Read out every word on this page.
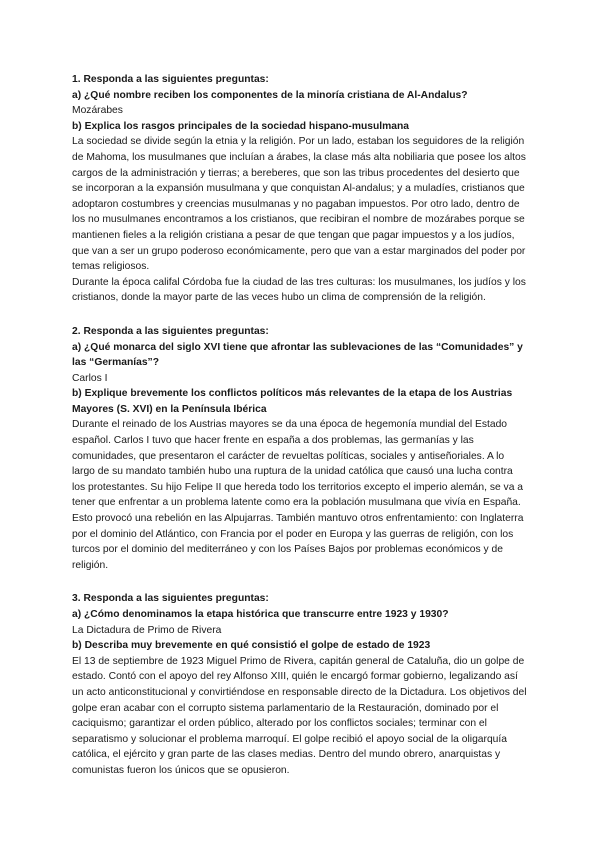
1. Responda a las siguientes preguntas:

a) ¿Qué nombre reciben los componentes de la minoría cristiana de Al-Andalus?

Mozárabes

b) Explica los rasgos principales de la sociedad hispano-musulmana

La sociedad se divide según la etnia y la religión. Por un lado, estaban los seguidores de la religión de Mahoma, los musulmanes que incluían a árabes, la clase más alta nobiliaria que posee los altos cargos de la administración y tierras; a bereberes, que son las tribus procedentes del desierto que se incorporan a la expansión musulmana y que conquistan Al-andalus; y a muladíes, cristianos que adoptaron costumbres y creencias musulmanas y no pagaban impuestos. Por otro lado, dentro de los no musulmanes encontramos a los cristianos, que recibiran el nombre de mozárabes porque se mantienen fieles a la religión cristiana a pesar de que tengan que pagar impuestos y a los judíos, que van a ser un grupo poderoso económicamente, pero que van a estar marginados del poder por temas religiosos.

Durante la época califal Córdoba fue la ciudad de las tres culturas: los musulmanes, los judíos y los cristianos, donde la mayor parte de las veces hubo un clima de comprensión de la religión.

2. Responda a las siguientes preguntas:

a) ¿Qué monarca del siglo XVI tiene que afrontar las sublevaciones de las “Comunidades” y las “Germanías”?

Carlos I

b) Explique brevemente los conflictos políticos más relevantes de la etapa de los Austrias Mayores (S. XVI) en la Península Ibérica

Durante el reinado de los Austrias mayores se da una época de hegemonía mundial del Estado español. Carlos I tuvo que hacer frente en españa a dos problemas, las germanías y las comunidades, que presentaron el carácter de revueltas políticas, sociales y antiseñoriales. A lo largo de su mandato también hubo una ruptura de la unidad católica que causó una lucha contra los protestantes. Su hijo Felipe II que hereda todo los territorios excepto el imperio alemán, se va a tener que enfrentar a un problema latente como era la población musulmana que vivía en España. Esto provocó una rebelión en las Alpujarras. También mantuvo otros enfrentamiento: con Inglaterra por el dominio del Atlántico, con Francia por el poder en Europa y las guerras de religión, con los turcos por el dominio del mediterráneo y con los Países Bajos por problemas económicos y de religión.

3. Responda a las siguientes preguntas:

a) ¿Cómo denominamos la etapa histórica que transcurre entre 1923 y 1930?

La Dictadura de Primo de Rivera

b) Describa muy brevemente en qué consistió el golpe de estado de 1923

El 13 de septiembre de 1923 Miguel Primo de Rivera, capitán general de Cataluña, dio un golpe de estado. Contó con el apoyo del rey Alfonso XIII, quién le encargó formar gobierno, legalizando así un acto anticonstitucional y convirtiéndose en responsable directo de la Dictadura. Los objetivos del golpe eran acabar con el corrupto sistema parlamentario de la Restauración, dominado por el caciquismo; garantizar el orden público, alterado por los conflictos sociales; terminar con el separatismo y solucionar el problema marroquí. El golpe recibió el apoyo social de la oligarquía católica, el ejército y gran parte de las clases medias. Dentro del mundo obrero, anarquistas y comunistas fueron los únicos que se opusieron.
